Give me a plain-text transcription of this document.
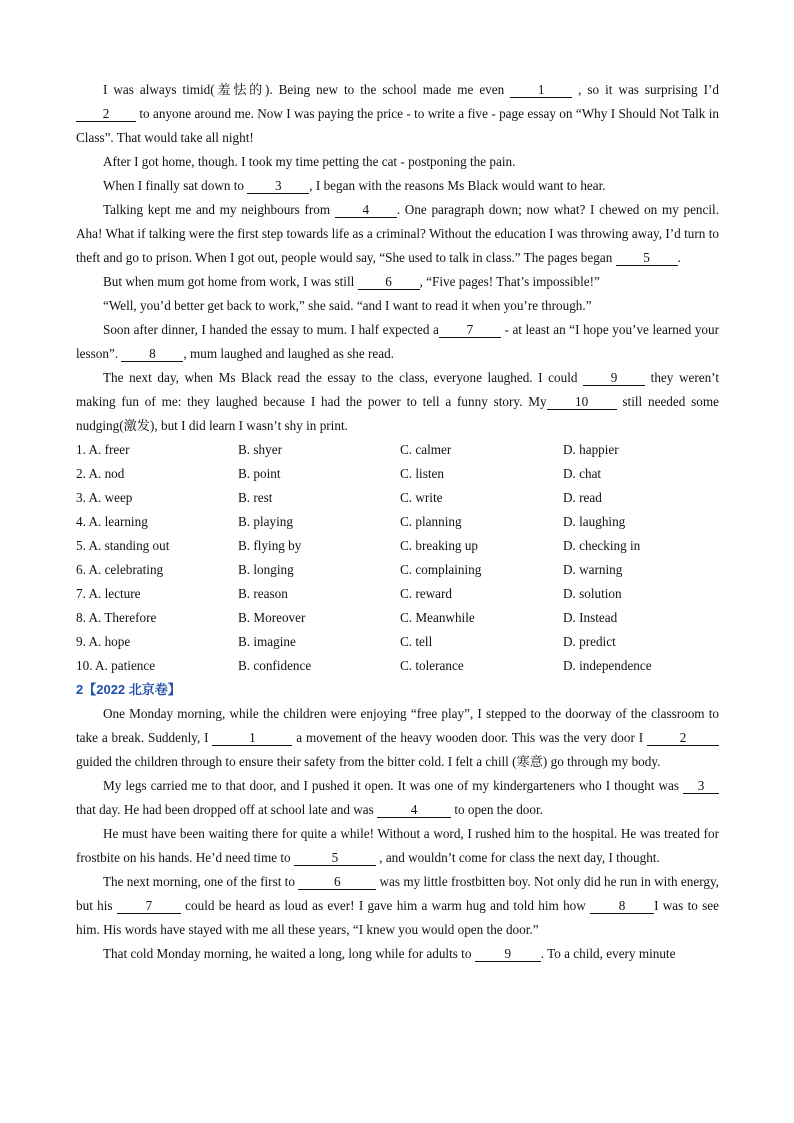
I was always timid(羞怯的). Being new to the school made me even 1 , so it was surprising I’d 2 to anyone around me. Now I was paying the price - to write a five - page essay on “Why I Should Not Talk in Class”. That would take all night!

After I got home, though. I took my time petting the cat - postponing the pain.

When I finally sat down to 3 , I began with the reasons Ms Black would want to hear.

Talking kept me and my neighbours from 4 . One paragraph down; now what? I chewed on my pencil. Aha! What if talking were the first step towards life as a criminal? Without the education I was throwing away, I’d turn to theft and go to prison. When I got out, people would say, “She used to talk in class.” The pages began 5 .

But when mum got home from work, I was still 6 , “Five pages! That’s impossible!”

“Well, you’d better get back to work,” she said. “and I want to read it when you’re through.”

Soon after dinner, I handed the essay to mum. I half expected a 7 - at least an “I hope you’ve learned your lesson”. 8 , mum laughed and laughed as she read.

The next day, when Ms Black read the essay to the class, everyone laughed. I could 9 they weren’t making fun of me: they laughed because I had the power to tell a funny story. My 10 still needed some nudging(激发), but I did learn I wasn’t shy in print.

1. A. freer	B. shyer	C. calmer	D. happier
2. A. nod	B. point	C. listen	D. chat
3. A. weep	B. rest	C. write	D. read
4. A. learning	B. playing	C. planning	D. laughing
5. A. standing out	B. flying by	C. breaking up	D. checking in
6. A. celebrating	B. longing	C. complaining	D. warning
7. A. lecture	B. reason	C. reward	D. solution
8. A. Therefore	B. Moreover	C. Meanwhile	D. Instead
9. A. hope	B. imagine	C. tell	D. predict
10. A. patience	B. confidence	C. tolerance	D. independence
2【2022 北京卷】

One Monday morning, while the children were enjoying “free play”, I stepped to the doorway of the classroom to take a break. Suddenly, I	1	a movement of the heavy wooden door. This was the very door I 2guided the children through to ensure their safety from the bitter cold. I felt a chill (寒意) go through my body.

My legs carried me to that door, and I pushed it open. It was one of my kindergarteners who I thought was 3 that day. He had been dropped off at school late and was	4	to open the door.

He must have been waiting there for quite a while! Without a word, I rushed him to the hospital. He was treated for frostbite on his hands. He’d need time to	5	, and wouldn’t come for class the next day, I thought.

The next morning, one of the first to	6	was my little frostbitten boy. Not only did he run in with energy, but his 7 could be heard as loud as ever! I gave him a warm hug and told him how 8 I was to see him. His words have stayed with me all these years, “I knew you would open the door.”

That cold Monday morning, he waited a long, long while for adults to 9 . To a child, every minute
